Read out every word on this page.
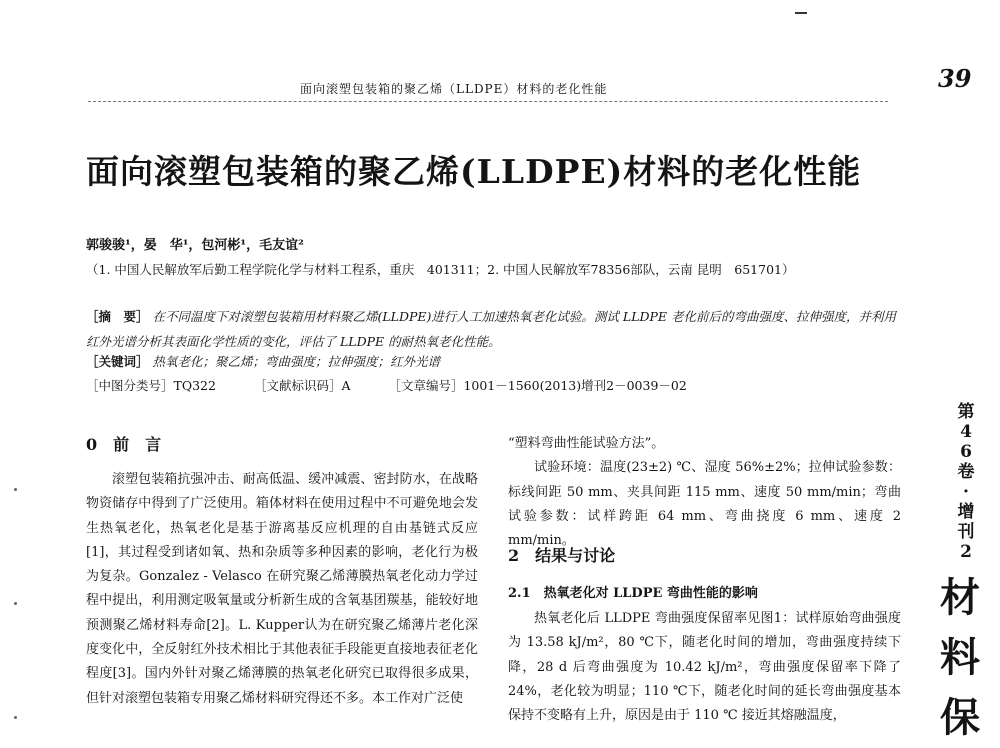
面向滚塑包装箱的聚乙烯（LLDPE）材料的老化性能	39
面向滚塑包装箱的聚乙烯(LLDPE)材料的老化性能
郭骏骏¹，晏　华¹，包河彬¹，毛友谊²
（1. 中国人民解放军后勤工程学院化学与材料工程系，重庆　401311；2. 中国人民解放军78356部队，云南 昆明　651701）
［摘　要］ 在不同温度下对滚塑包装箱用材料聚乙烯(LLDPE)进行人工加速热氧老化试验。测试 LLDPE 老化前后的弯曲强度、拉伸强度，并利用红外光谱分析其表面化学性质的变化，评估了 LLDPE 的耐热氧老化性能。
［关键词］ 热氧老化；聚乙烯；弯曲强度；拉伸强度；红外光谱
［中图分类号］TQ322	［文献标识码］A	［文章编号］1001－1560(2013)增刊2－0039－02
0　前　言

滚塑包装箱抗强冲击、耐高低温、缓冲减震、密封防水，在战略物资储存中得到了广泛使用。箱体材料在使用过程中不可避免地会发生热氧老化，热氧老化是基于游离基反应机理的自由基链式反应[1]，其过程受到诸如氧、热和杂质等多种因素的影响，老化行为极为复杂。Gonzalez - Velasco 在研究聚乙烯薄膜热氧老化动力学过程中提出，利用测定吸氧量或分析新生成的含氧基团羰基，能较好地预测聚乙烯材料寿命[2]。L. Kupper认为在研究聚乙烯薄片老化深度变化中，全反射红外技术相比于其他表征手段能更直接地表征老化程度[3]。国内外针对聚乙烯薄膜的热氧老化研究已取得很多成果，但针对滚塑包装箱专用聚乙烯材料研究得还不多。本工作对广泛使

“塑料弯曲性能试验方法”。

试验环境：温度(23±2) ℃、湿度 56%±2%；拉伸试验参数：标线间距 50 mm、夹具间距 115 mm、速度 50 mm/min；弯曲试验参数：试样跨距 64 mm、弯曲挠度 6 mm、速度 2 mm/min。

2　结果与讨论
2.1　热氧老化对 LLDPE 弯曲性能的影响

热氧老化后 LLDPE 弯曲强度保留率见图1：试样原始弯曲强度为 13.58 kJ/m²，80 ℃下，随老化时间的增加，弯曲强度持续下降，28 d 后弯曲强度为 10.42 kJ/m²，弯曲强度保留率下降了 24%，老化较为明显；110 ℃下，随老化时间的延长弯曲强度基本保持不变略有上升，原因是由于 110 ℃ 接近其熔融温度，

第
4
6
卷
·
增
刊
2
材
料
保
